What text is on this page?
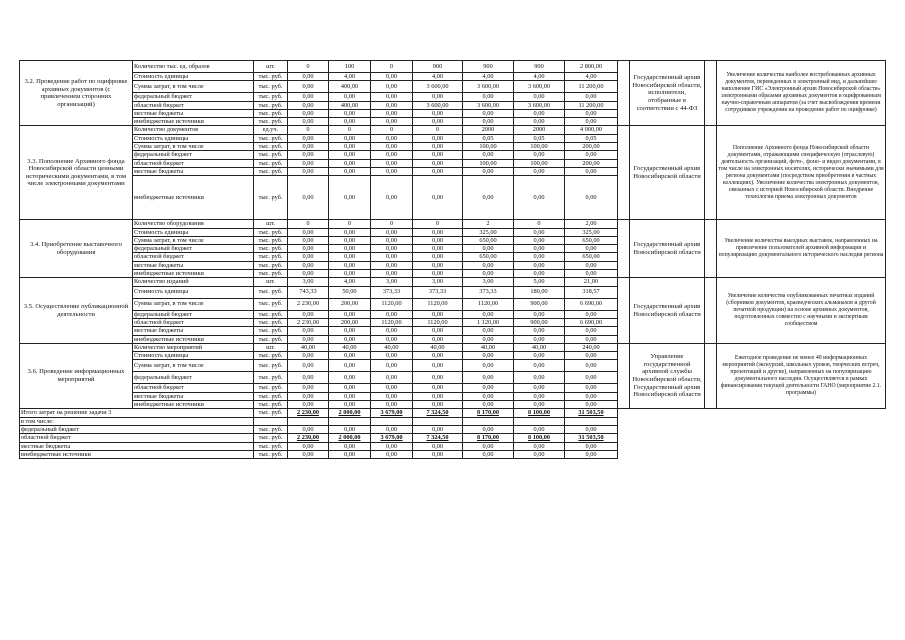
3.2. Проведение работ по оцифровке архивных документов (с привлечением сторонних организаций)	Количество тыс. ед. образов	шт.	0	100	0	900	900	900	2 800,00		Государственный архив Новосибирской области, исполнители, отобранные в соответствии с 44-ФЗ		Увеличение количества наиболее востребованных архивных документов, переведенных в электронный вид, и дальнейшее наполнение ГИС «Электронный архив Новосибирской области» электронными образами архивных документов и оцифрованным научно-справочным аппаратом (за счет высвобождения времени сотрудников учреждения на проведение работ по оцифровке)
	Стоимость единицы	тыс. руб.	0,00	4,00	0,00	4,00	4,00	4,00	4,00				
	Сумма затрат, в том числе	тыс. руб.	0,00	400,00	0,00	3 600,00	3 600,00	3 600,00	11 200,00				
	федеральный бюджет	тыс. руб.	0,00	0,00	0,00	0,00	0,00	0,00	0,00				
	областной бюджет	тыс. руб.	0,00	400,00	0,00	3 600,00	3 600,00	3 600,00	11 200,00				
	местные бюджеты	тыс. руб.	0,00	0,00	0,00	0,00	0,00	0,00	0,00				
	внебюджетные источники	тыс. руб.	0,00	0,00	0,00	0,00	0,00	0,00	0,00				
3.3. Пополнение Архивного фонда Новосибирской области ценными историческими документами, в том числе электронными документами	Количество документов	ед.уч.	0	0	0	0	2000	2000	4 000,00		Государственный архив Новосибирской области		Пополнение Архивного фонда Новосибирской области документами, отражающими специфическую (отраслевую) деятельность организаций, фото-, фоно- и видео документами, в том числе на электронных носителях, исторически значимыми для региона документами (посредством приобретения в частных коллекциях). Увеличение количества электронных документов, связанных с историей Новосибирской области. Внедрение технологии приема электронных документов
	Стоимость единицы	тыс. руб.	0,00	0,00	0,00	0,00	0,05	0,05	0,05				
	Сумма затрат, в том числе	тыс. руб.	0,00	0,00	0,00	0,00	100,00	100,00	200,00				
	федеральный бюджет	тыс. руб.	0,00	0,00	0,00	0,00	0,00	0,00	0,00				
	областной бюджет	тыс. руб.	0,00	0,00	0,00	0,00	100,00	100,00	200,00				
	местные бюджеты	тыс. руб.	0,00	0,00	0,00	0,00	0,00	0,00	0,00				
	внебюджетные источники	тыс. руб.	0,00	0,00	0,00	0,00	0,00	0,00	0,00				
3.4. Приобретение выставочного оборудования	Количество оборудования	шт.	0	0	0	0	2	0	2,00		Государственный архив Новосибирской области		Увеличение количества выездных выставок, направленных на привлечение пользователей архивной информации и популяризацию документального исторического наследия региона
	Стоимость единицы	тыс. руб.	0,00	0,00	0,00	0,00	325,00	0,00	325,00				
	Сумма затрат, в том числе	тыс. руб.	0,00	0,00	0,00	0,00	650,00	0,00	650,00				
	федеральный бюджет	тыс. руб.	0,00	0,00	0,00	0,00	0,00	0,00	0,00				
	областной бюджет	тыс. руб.	0,00	0,00	0,00	0,00	650,00	0,00	650,00				
	местные бюджеты	тыс. руб.	0,00	0,00	0,00	0,00	0,00	0,00	0,00				
	внебюджетные источники	тыс. руб.	0,00	0,00	0,00	0,00	0,00	0,00	0,00				
3.5. Осуществление публикационной деятельности	Количество изданий	шт.	3,00	4,00	3,00	3,00	3,00	5,00	21,00		Государственный архив Новосибирской области		Увеличение количества опубликованных печатных изданий (сборников документов, краеведческих альманахов и другой печатной продукции) на основе архивных документов, подготовленных совместно с научными и экспертным сообществом
	Стоимость единицы	тыс. руб.	743,33	50,00	373,33	373,33	373,33	180,00	318,57				
	Сумма затрат, в том числе	тыс. руб.	2 230,00	200,00	1120,00	1120,00	1120,00	900,00	6 690,00				
	федеральный бюджет	тыс. руб.	0,00	0,00	0,00	0,00	0,00	0,00	0,00				
	областной бюджет	тыс. руб.	2 230,00	200,00	1120,00	1120,00	1 120,00	900,00	6 690,00				
	местные бюджеты	тыс. руб.	0,00	0,00	0,00	0,00	0,00	0,00	0,00				
	внебюджетные источники	тыс. руб.	0,00	0,00	0,00	0,00	0,00	0,00	0,00				
3.6. Проведение информационных мероприятий	Количество мероприятий	шт.	40,00	40,00	40,00	40,00	40,00	40,00	240,00		Управление государственной архивной службы Новосибирской области, Государственный архив Новосибирской области		Ежегодное проведение не менее 40 информационных мероприятий (экскурсий, школьных уроков, творческих встреч, презентаций и другие), направленных на популяризацию документального наследия. Осуществляется в рамках финансирования текущей деятельности ГАНО (мероприятие 2.1. программы)
	Стоимость единицы	тыс. руб.	0,00	0,00	0,00	0,00	0,00	0,00	0,00				
	Сумма затрат, в том числе	тыс. руб.	0,00	0,00	0,00	0,00	0,00	0,00	0,00				
	федеральный бюджет	тыс. руб.	0,00	0,00	0,00	0,00	0,00	0,00	0,00				
	областной бюджет	тыс. руб.	0,00	0,00	0,00	0,00	0,00	0,00	0,00				
	местные бюджеты	тыс. руб.	0,00	0,00	0,00	0,00	0,00	0,00	0,00				
	внебюджетные источники	тыс. руб.	0,00	0,00	0,00	0,00	0,00	0,00	0,00				
Итого затрат на решение задачи 3		тыс. руб.	2 230,00	2 000,00	3 679,00	7 324,50	8 170,00	8 100,00	31 503,50				
в том числе:													
федеральный бюджет		тыс. руб.	0,00	0,00	0,00	0,00	0,00	0,00	0,00				
областной бюджет		тыс. руб.	2 230,00	2 000,00	3 679,00	7 324,50	8 170,00	8 100,00	31 503,50				
местные бюджеты		тыс. руб.	0,00	0,00	0,00	0,00	0,00	0,00	0,00				
внебюджетные источники		тыс. руб.	0,00	0,00	0,00	0,00	0,00	0,00	0,00				
